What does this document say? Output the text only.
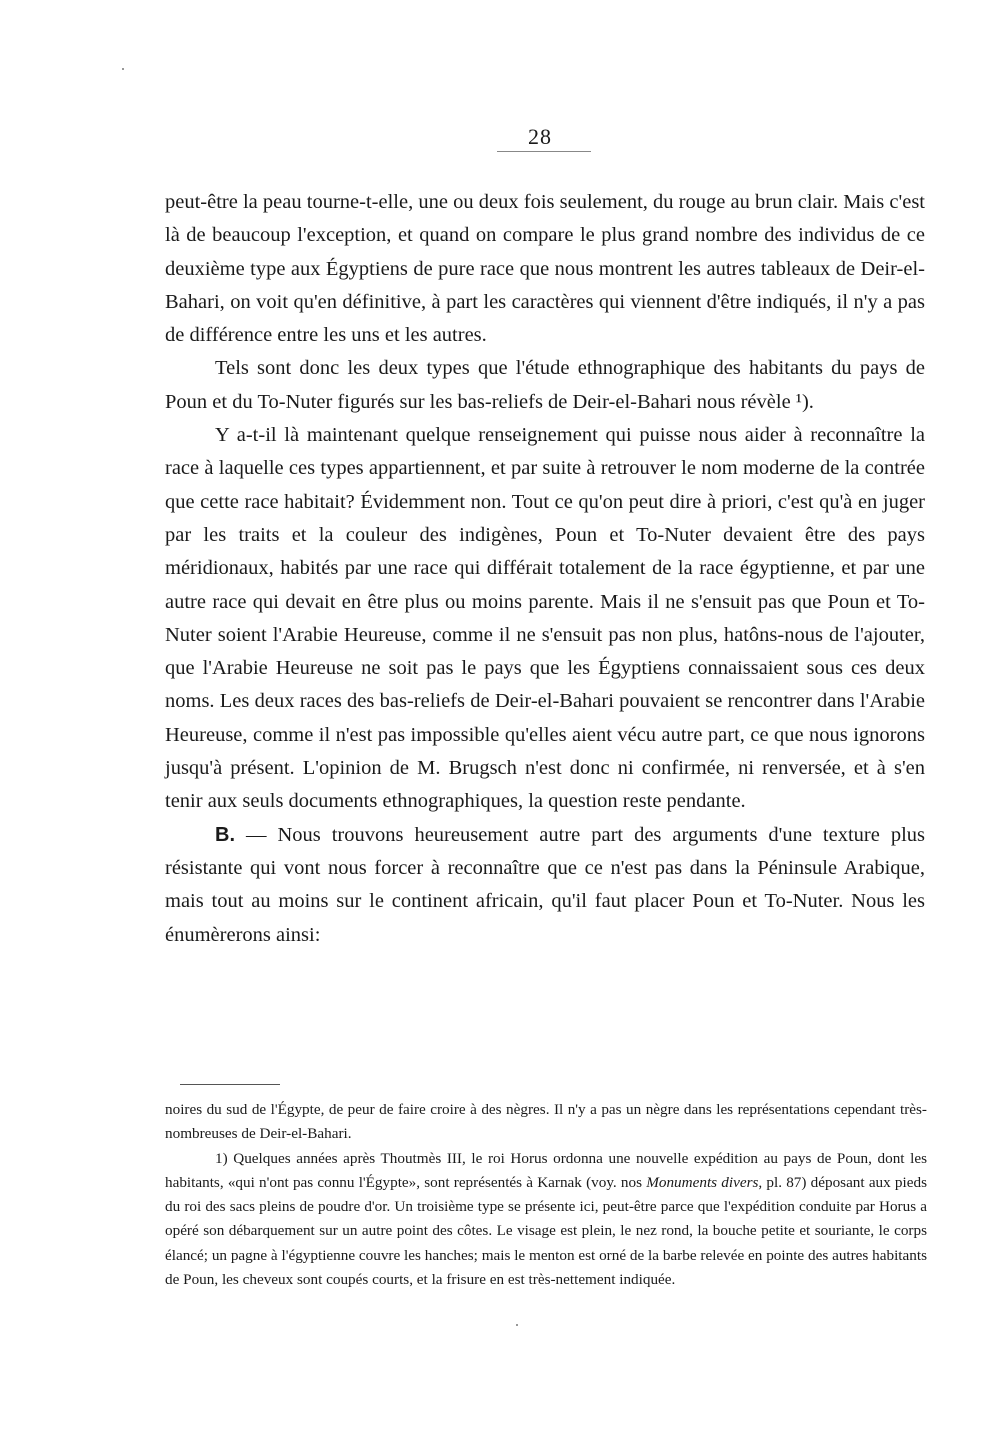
28

peut-être la peau tourne-t-elle, une ou deux fois seulement, du rouge au brun clair. Mais c'est là de beaucoup l'exception, et quand on compare le plus grand nombre des individus de ce deuxième type aux Égyptiens de pure race que nous montrent les autres tableaux de Deir-el-Bahari, on voit qu'en définitive, à part les caractères qui viennent d'être indiqués, il n'y a pas de différence entre les uns et les autres.

Tels sont donc les deux types que l'étude ethnographique des habitants du pays de Poun et du To-Nuter figurés sur les bas-reliefs de Deir-el-Bahari nous révèle ¹).

Y a-t-il là maintenant quelque renseignement qui puisse nous aider à reconnaître la race à laquelle ces types appartiennent, et par suite à retrouver le nom moderne de la contrée que cette race habitait? Évidemment non. Tout ce qu'on peut dire à priori, c'est qu'à en juger par les traits et la couleur des indigènes, Poun et To-Nuter devaient être des pays méridionaux, habités par une race qui différait totalement de la race égyptienne, et par une autre race qui devait en être plus ou moins parente. Mais il ne s'ensuit pas que Poun et To-Nuter soient l'Arabie Heureuse, comme il ne s'ensuit pas non plus, hatôns-nous de l'ajouter, que l'Arabie Heureuse ne soit pas le pays que les Égyptiens connaissaient sous ces deux noms. Les deux races des bas-reliefs de Deir-el-Bahari pouvaient se rencontrer dans l'Arabie Heureuse, comme il n'est pas impossible qu'elles aient vécu autre part, ce que nous ignorons jusqu'à présent. L'opinion de M. Brugsch n'est donc ni confirmée, ni renversée, et à s'en tenir aux seuls documents ethnographiques, la question reste pendante.

B. — Nous trouvons heureusement autre part des arguments d'une texture plus résistante qui vont nous forcer à reconnaître que ce n'est pas dans la Péninsule Arabique, mais tout au moins sur le continent africain, qu'il faut placer Poun et To-Nuter. Nous les énumèrerons ainsi:

noires du sud de l'Égypte, de peur de faire croire à des nègres. Il n'y a pas un nègre dans les représentations cependant très-nombreuses de Deir-el-Bahari.

1) Quelques années après Thoutmès III, le roi Horus ordonna une nouvelle expédition au pays de Poun, dont les habitants, «qui n'ont pas connu l'Égypte», sont représentés à Karnak (voy. nos Monuments divers, pl. 87) déposant aux pieds du roi des sacs pleins de poudre d'or. Un troisième type se présente ici, peut-être parce que l'expédition conduite par Horus a opéré son débarquement sur un autre point des côtes. Le visage est plein, le nez rond, la bouche petite et souriante, le corps élancé; un pagne à l'égyptienne couvre les hanches; mais le menton est orné de la barbe relevée en pointe des autres habitants de Poun, les cheveux sont coupés courts, et la frisure en est très-nettement indiquée.
